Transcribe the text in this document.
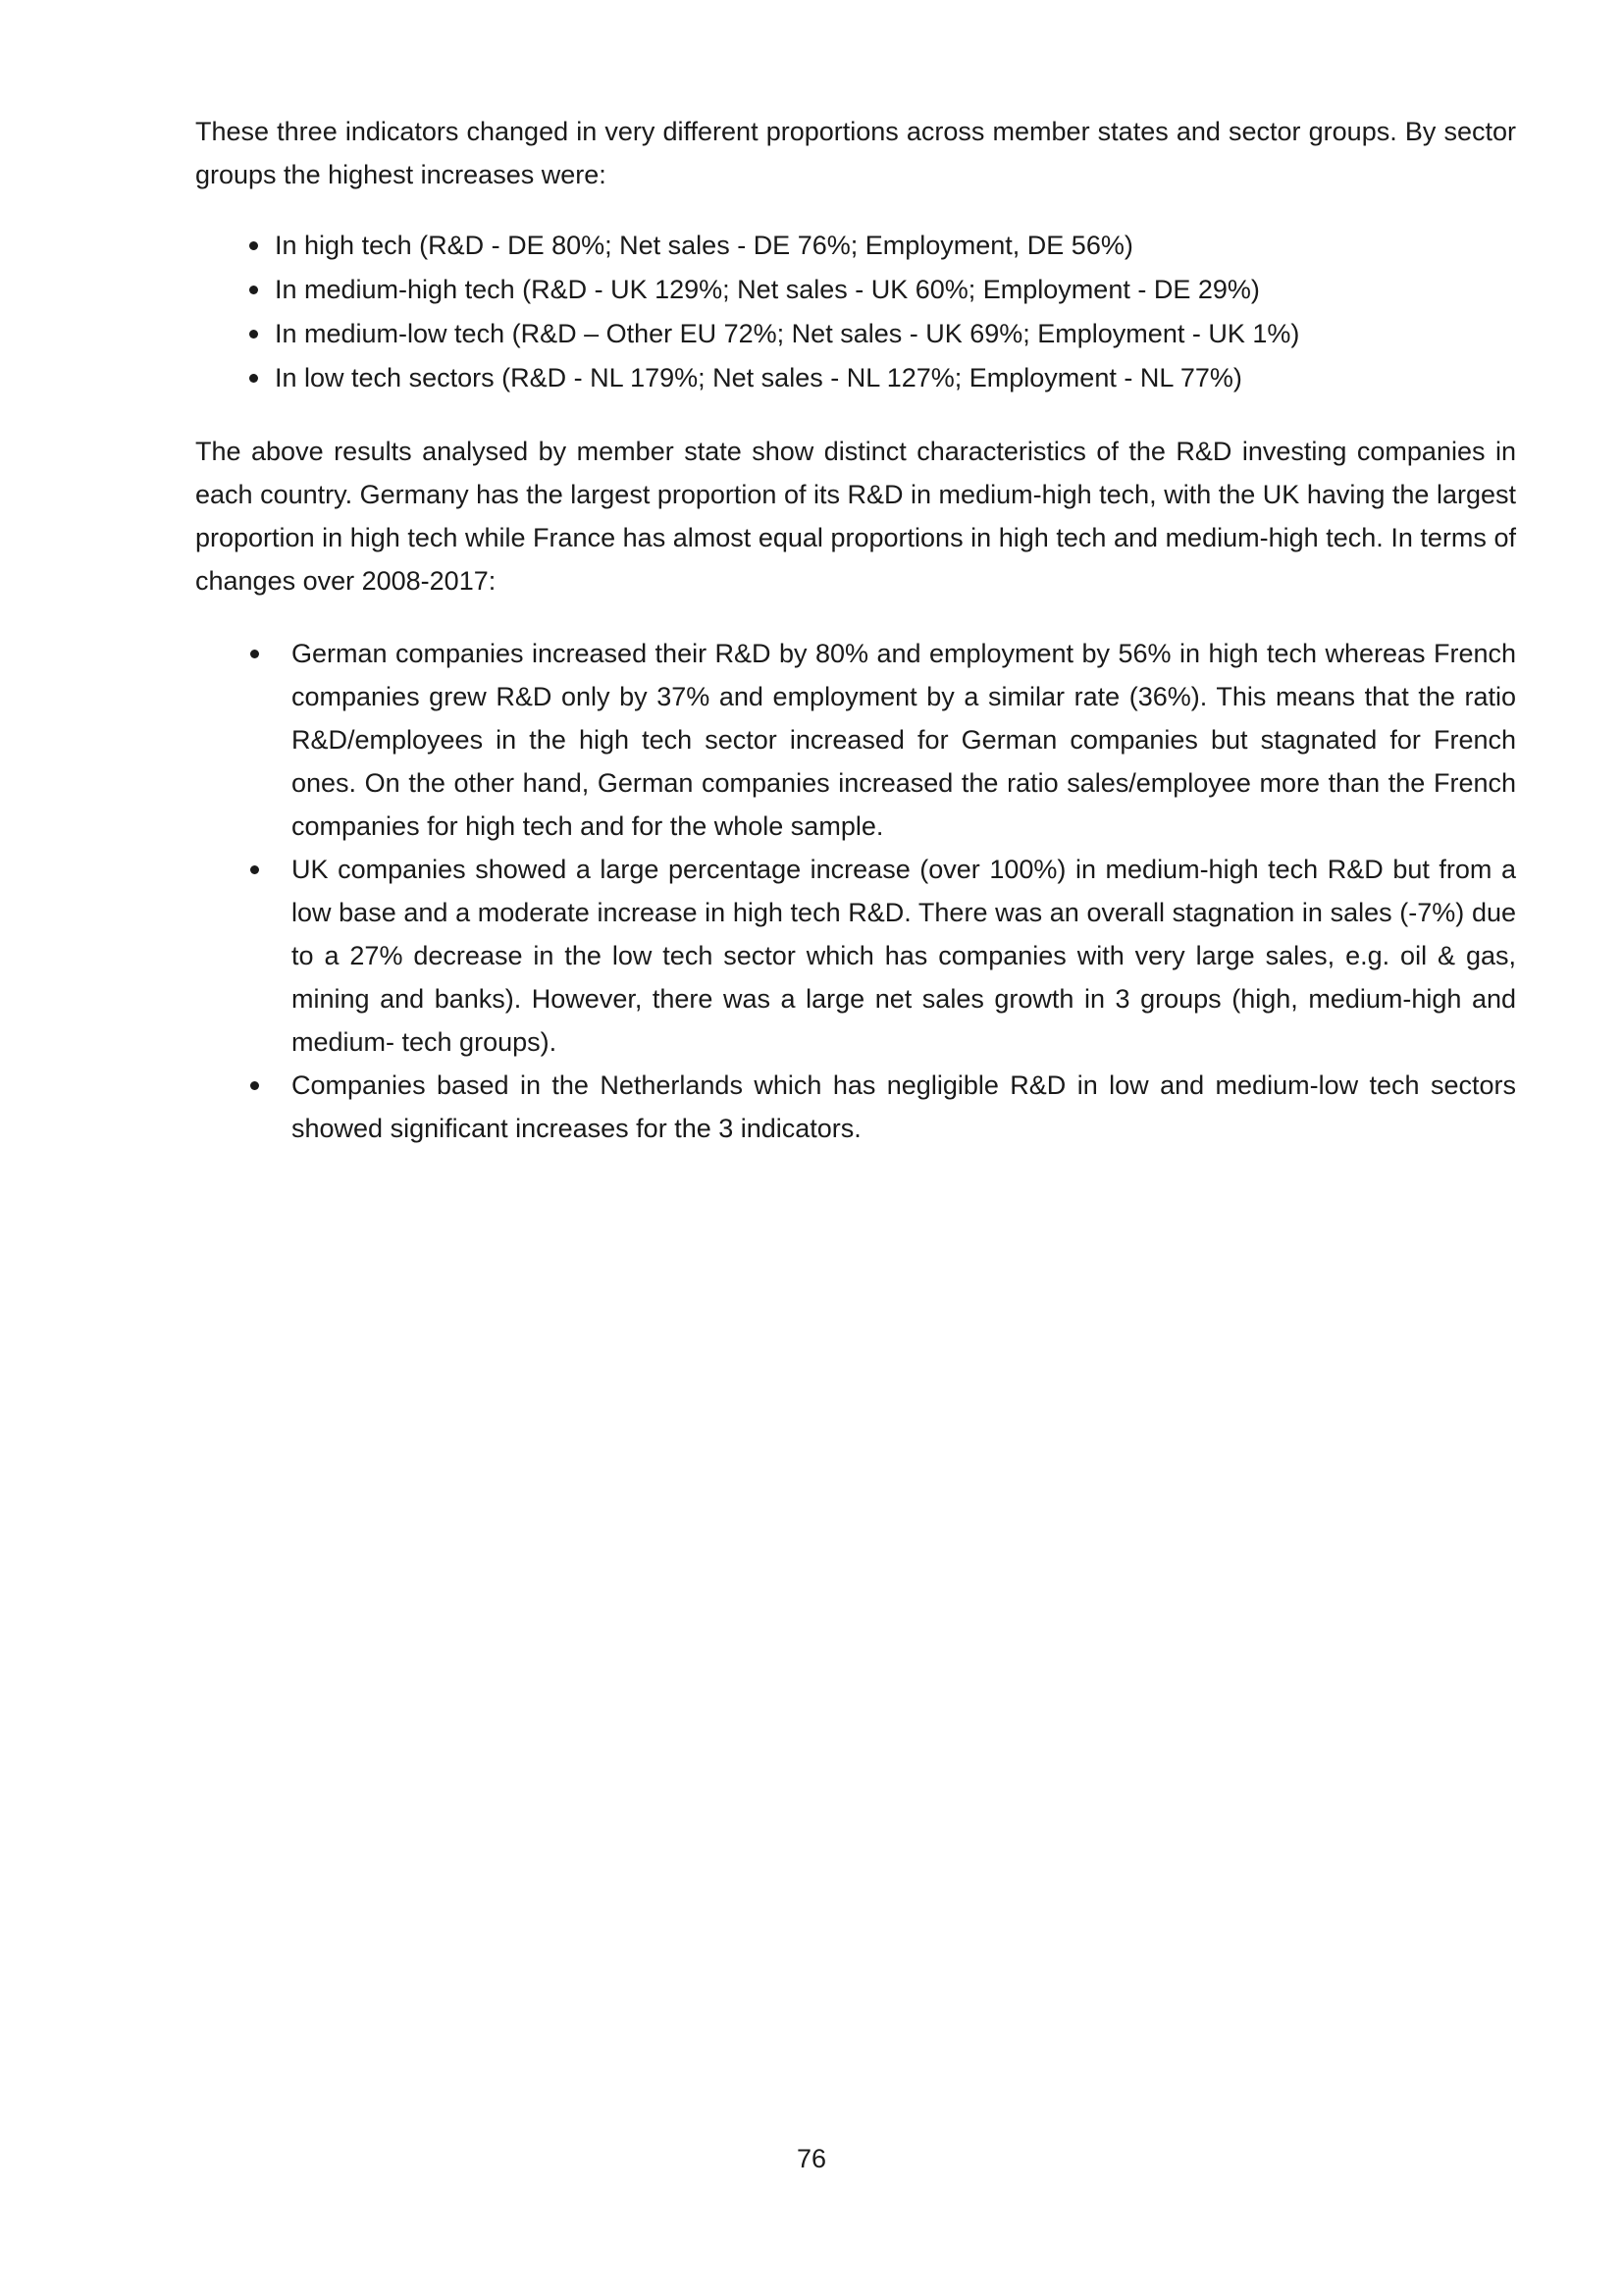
These three indicators changed in very different proportions across member states and sector groups. By sector groups the highest increases were:

In high tech (R&D - DE 80%; Net sales - DE 76%; Employment, DE 56%)
In medium-high tech (R&D - UK 129%; Net sales - UK 60%; Employment - DE 29%)
In medium-low tech (R&D – Other EU 72%; Net sales - UK 69%; Employment - UK 1%)
In low tech sectors (R&D - NL 179%; Net sales - NL 127%; Employment - NL 77%)

The above results analysed by member state show distinct characteristics of the R&D investing companies in each country. Germany has the largest proportion of its R&D in medium-high tech, with the UK having the largest proportion in high tech while France has almost equal proportions in high tech and medium-high tech. In terms of changes over 2008-2017:

German companies increased their R&D by 80% and employment by 56% in high tech whereas French companies grew R&D only by 37% and employment by a similar rate (36%). This means that the ratio R&D/employees in the high tech sector increased for German companies but stagnated for French ones. On the other hand, German companies increased the ratio sales/employee more than the French companies for high tech and for the whole sample.
UK companies showed a large percentage increase (over 100%) in medium-high tech R&D but from a low base and a moderate increase in high tech R&D. There was an overall stagnation in sales (-7%) due to a 27% decrease in the low tech sector which has companies with very large sales, e.g. oil & gas, mining and banks). However, there was a large net sales growth in 3 groups (high, medium-high and medium- tech groups).
Companies based in the Netherlands which has negligible R&D in low and medium-low tech sectors showed significant increases for the 3 indicators.
76
